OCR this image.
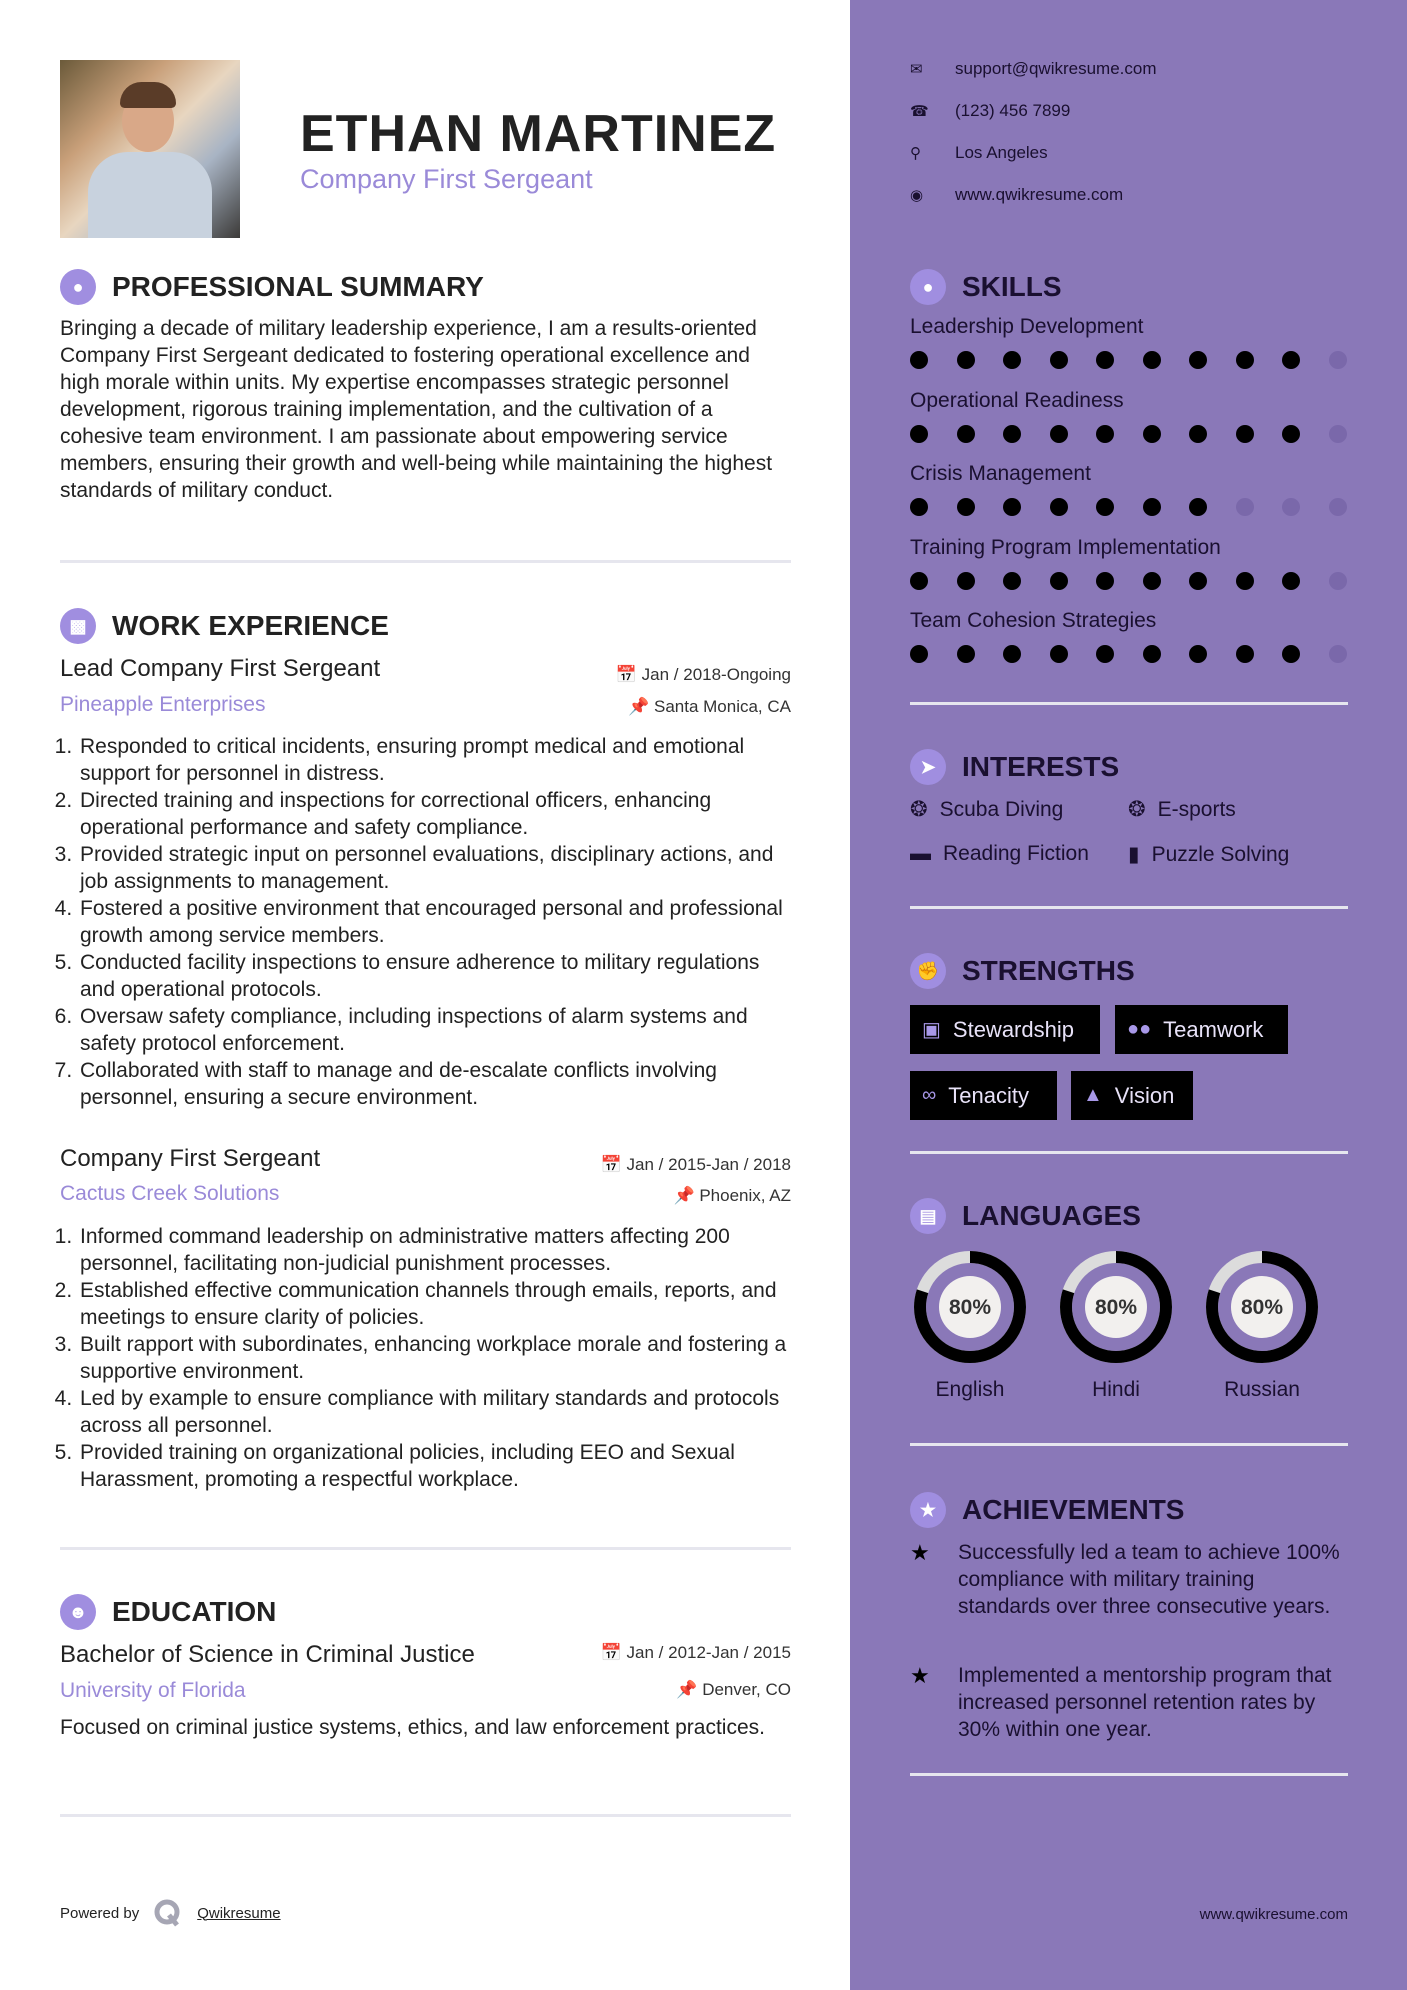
ETHAN MARTINEZ
Company First Sergeant
●	PROFESSIONAL SUMMARY
Bringing a decade of military leadership experience, I am a results-oriented Company First Sergeant dedicated to fostering operational excellence and high morale within units. My expertise encompasses strategic personnel development, rigorous training implementation, and the cultivation of a cohesive team environment. I am passionate about empowering service members, ensuring their growth and well-being while maintaining the highest standards of military conduct.
▩ WORK EXPERIENCE
Lead Company First Sergeant	📅 Jan / 2018-Ongoing
Pineapple Enterprises	📌 Santa Monica, CA
1. Responded to critical incidents, ensuring prompt medical and emotional support for personnel in distress.
2. Directed training and inspections for correctional officers, enhancing operational performance and safety compliance.
3. Provided strategic input on personnel evaluations, disciplinary actions, and job assignments to management.
4. Fostered a positive environment that encouraged personal and professional growth among service members.
5. Conducted facility inspections to ensure adherence to military regulations and operational protocols.
6. Oversaw safety compliance, including inspections of alarm systems and safety protocol enforcement.
7. Collaborated with staff to manage and de-escalate conflicts involving personnel, ensuring a secure environment.
Company First Sergeant	📅 Jan / 2015-Jan / 2018
Cactus Creek Solutions	📌 Phoenix, AZ
1. Informed command leadership on administrative matters affecting 200 personnel, facilitating non-judicial punishment processes.
2. Established effective communication channels through emails, reports, and meetings to ensure clarity of policies.
3. Built rapport with subordinates, enhancing workplace morale and fostering a supportive environment.
4. Led by example to ensure compliance with military standards and protocols across all personnel.
5. Provided training on organizational policies, including EEO and Sexual Harassment, promoting a respectful workplace.
☻ EDUCATION
Bachelor of Science in Criminal Justice	📅 Jan / 2012-Jan / 2015
University of Florida	📌 Denver, CO
Focused on criminal justice systems, ethics, and law enforcement practices.
Powered by	Qwikresume
✉	support@qwikresume.com
☎	(123) 456 7899
⚲	Los Angeles
◉	www.qwikresume.com
●	SKILLS
Leadership Development
Operational Readiness
Crisis Management
Training Program Implementation
Team Cohesion Strategies
➤ INTERESTS
❂ Scuba Diving	❂ E-sports
▬ Reading Fiction ▮ Puzzle Solving
✊ STRENGTHS
▣ Stewardship	●● Teamwork
∞ Tenacity	▲ Vision
▤ LANGUAGES
80%
English
80%
Hindi
80%
Russian
★ ACHIEVEMENTS
★	Successfully led a team to achieve 100% compliance with military training standards over three consecutive years.
★	Implemented a mentorship program that increased personnel retention rates by 30% within one year.
www.qwikresume.com
